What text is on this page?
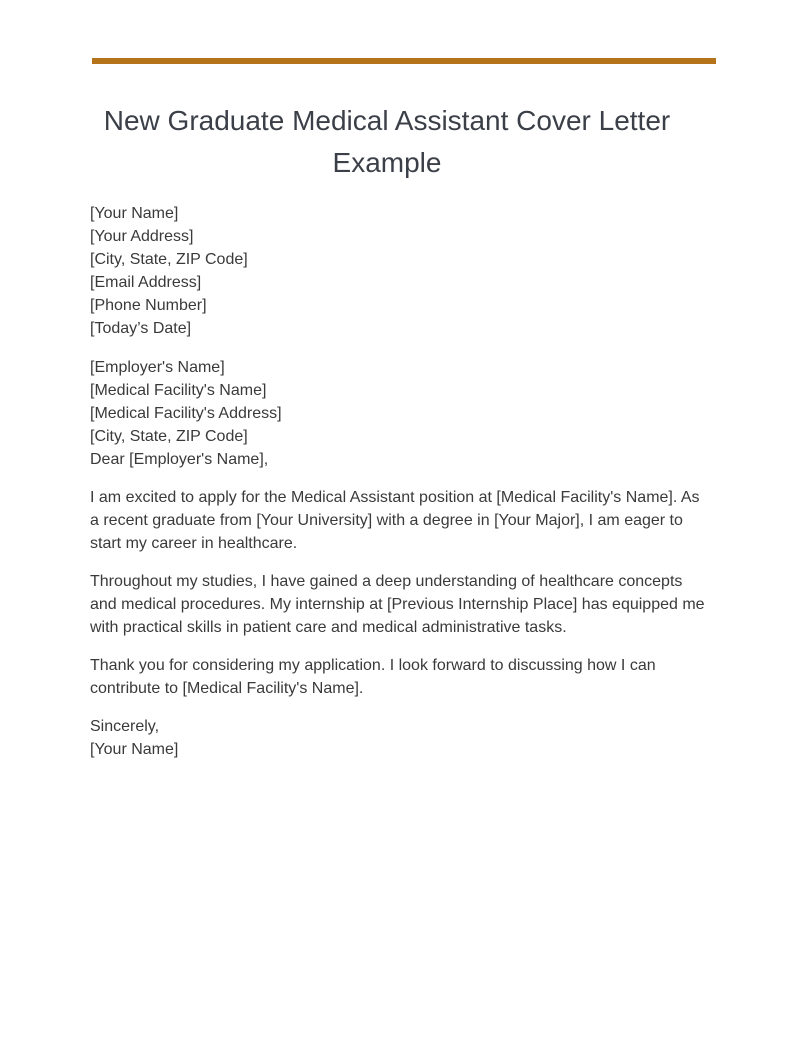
New Graduate Medical Assistant Cover Letter Example
[Your Name]
[Your Address]
[City, State, ZIP Code]
[Email Address]
[Phone Number]
[Today’s Date]
[Employer's Name]
[Medical Facility's Name]
[Medical Facility's Address]
[City, State, ZIP Code]
Dear [Employer's Name],

I am excited to apply for the Medical Assistant position at [Medical Facility's Name]. As a recent graduate from [Your University] with a degree in [Your Major], I am eager to start my career in healthcare.

Throughout my studies, I have gained a deep understanding of healthcare concepts and medical procedures. My internship at [Previous Internship Place] has equipped me with practical skills in patient care and medical administrative tasks.

Thank you for considering my application. I look forward to discussing how I can contribute to [Medical Facility's Name].

Sincerely,
[Your Name]
